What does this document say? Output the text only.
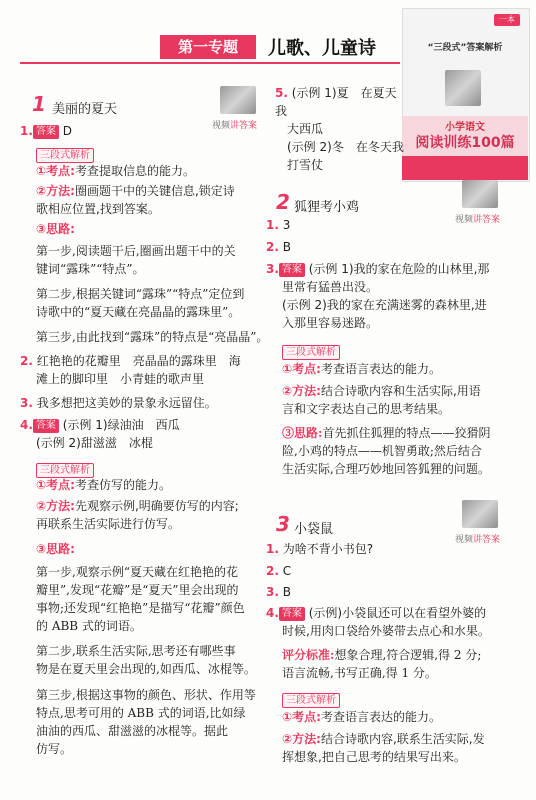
第一专题	儿歌、儿童诗
一本
“三段式”答案解析
小学语文
阅读训练100篇
1 美丽的夏天
视频讲答案
1. 答案 D
三段式解析
①考点:考查提取信息的能力。
②方法:圈画题干中的关键信息,锁定诗
歌相应位置,找到答案。
③思路:
第一步,阅读题干后,圈画出题干中的关
键词“露珠”“特点”。
第二步,根据关键词“露珠”“特点”定位到
诗歌中的“夏天藏在亮晶晶的露珠里”。
第三步,由此找到“露珠”的特点是“亮晶晶”。
2. 红艳艳的花瓣里　亮晶晶的露珠里　海
滩上的脚印里　小青蛙的歌声里
3. 我多想把这美妙的景象永远留住。
4. 答案 (示例 1)绿油油　西瓜
(示例 2)甜滋滋　冰棍
三段式解析
①考点:考查仿写的能力。
②方法:先观察示例,明确要仿写的内容;
再联系生活实际进行仿写。
③思路:
第一步,观察示例“夏天藏在红艳艳的花
瓣里”,发现“花瓣”是“夏天”里会出现的
事物;还发现“红艳艳”是描写“花瓣”颜色
的 ABB 式的词语。
第二步,联系生活实际,思考还有哪些事
物是在夏天里会出现的,如西瓜、冰棍等。
第三步,根据这事物的颜色、形状、作用等
特点,思考可用的 ABB 式的词语,比如绿
油油的西瓜、甜滋滋的冰棍等。据此
仿写。
5. (示例 1)夏　在夏天我
大西瓜
(示例 2)冬　在冬天我
打雪仗
2 狐狸考小鸡
视频讲答案
1. 3
2. B
3. 答案 (示例 1)我的家在危险的山林里,那
里常有猛兽出没。
(示例 2)我的家在充满迷雾的森林里,进
入那里容易迷路。
三段式解析
①考点:考查语言表达的能力。
②方法:结合诗歌内容和生活实际,用语
言和文字表达自己的思考结果。
③思路:首先抓住狐狸的特点——狡猾阴
险,小鸡的特点——机智勇敢;然后结合
生活实际,合理巧妙地回答狐狸的问题。
3 小袋鼠
视频讲答案
1. 为啥不背小书包?
2. C
3. B
4. 答案 (示例)小袋鼠还可以在看望外婆的
时候,用肉口袋给外婆带去点心和水果。
评分标准:想象合理,符合逻辑,得 2 分;
语言流畅,书写正确,得 1 分。
三段式解析
①考点:考查语言表达的能力。
②方法:结合诗歌内容,联系生活实际,发
挥想象,把自己思考的结果写出来。
